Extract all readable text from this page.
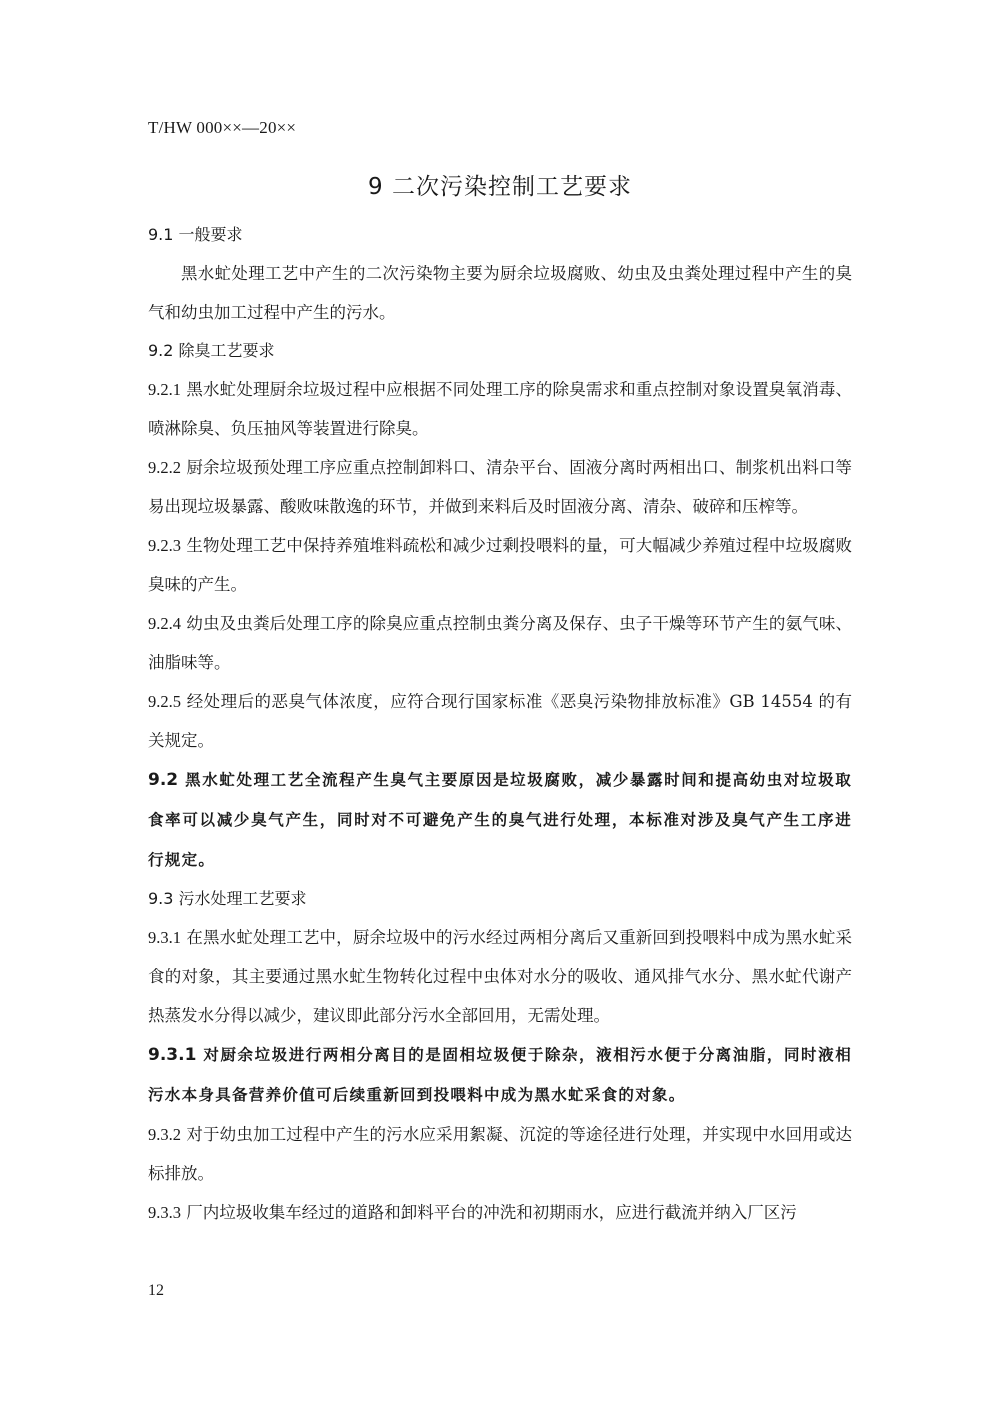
T/HW 000××—20××
9 二次污染控制工艺要求

9.1 一般要求

黑水虻处理工艺中产生的二次污染物主要为厨余垃圾腐败、幼虫及虫粪处理过程中产生的臭气和幼虫加工过程中产生的污水。

9.2 除臭工艺要求

9.2.1 黑水虻处理厨余垃圾过程中应根据不同处理工序的除臭需求和重点控制对象设置臭氧消毒、喷淋除臭、负压抽风等装置进行除臭。

9.2.2 厨余垃圾预处理工序应重点控制卸料口、清杂平台、固液分离时两相出口、制浆机出料口等易出现垃圾暴露、酸败味散逸的环节，并做到来料后及时固液分离、清杂、破碎和压榨等。

9.2.3 生物处理工艺中保持养殖堆料疏松和减少过剩投喂料的量，可大幅减少养殖过程中垃圾腐败臭味的产生。

9.2.4 幼虫及虫粪后处理工序的除臭应重点控制虫粪分离及保存、虫子干燥等环节产生的氨气味、油脂味等。

9.2.5 经处理后的恶臭气体浓度，应符合现行国家标准《恶臭污染物排放标准》GB 14554 的有关规定。

9.2 黑水虻处理工艺全流程产生臭气主要原因是垃圾腐败，减少暴露时间和提高幼虫对垃圾取食率可以减少臭气产生，同时对不可避免产生的臭气进行处理，本标准对涉及臭气产生工序进行规定。

9.3 污水处理工艺要求

9.3.1 在黑水虻处理工艺中，厨余垃圾中的污水经过两相分离后又重新回到投喂料中成为黑水虻采食的对象，其主要通过黑水虻生物转化过程中虫体对水分的吸收、通风排气水分、黑水虻代谢产热蒸发水分得以减少，建议即此部分污水全部回用，无需处理。

9.3.1 对厨余垃圾进行两相分离目的是固相垃圾便于除杂，液相污水便于分离油脂，同时液相污水本身具备营养价值可后续重新回到投喂料中成为黑水虻采食的对象。

9.3.2 对于幼虫加工过程中产生的污水应采用絮凝、沉淀的等途径进行处理，并实现中水回用或达标排放。

9.3.3 厂内垃圾收集车经过的道路和卸料平台的冲洗和初期雨水，应进行截流并纳入厂区污

12
